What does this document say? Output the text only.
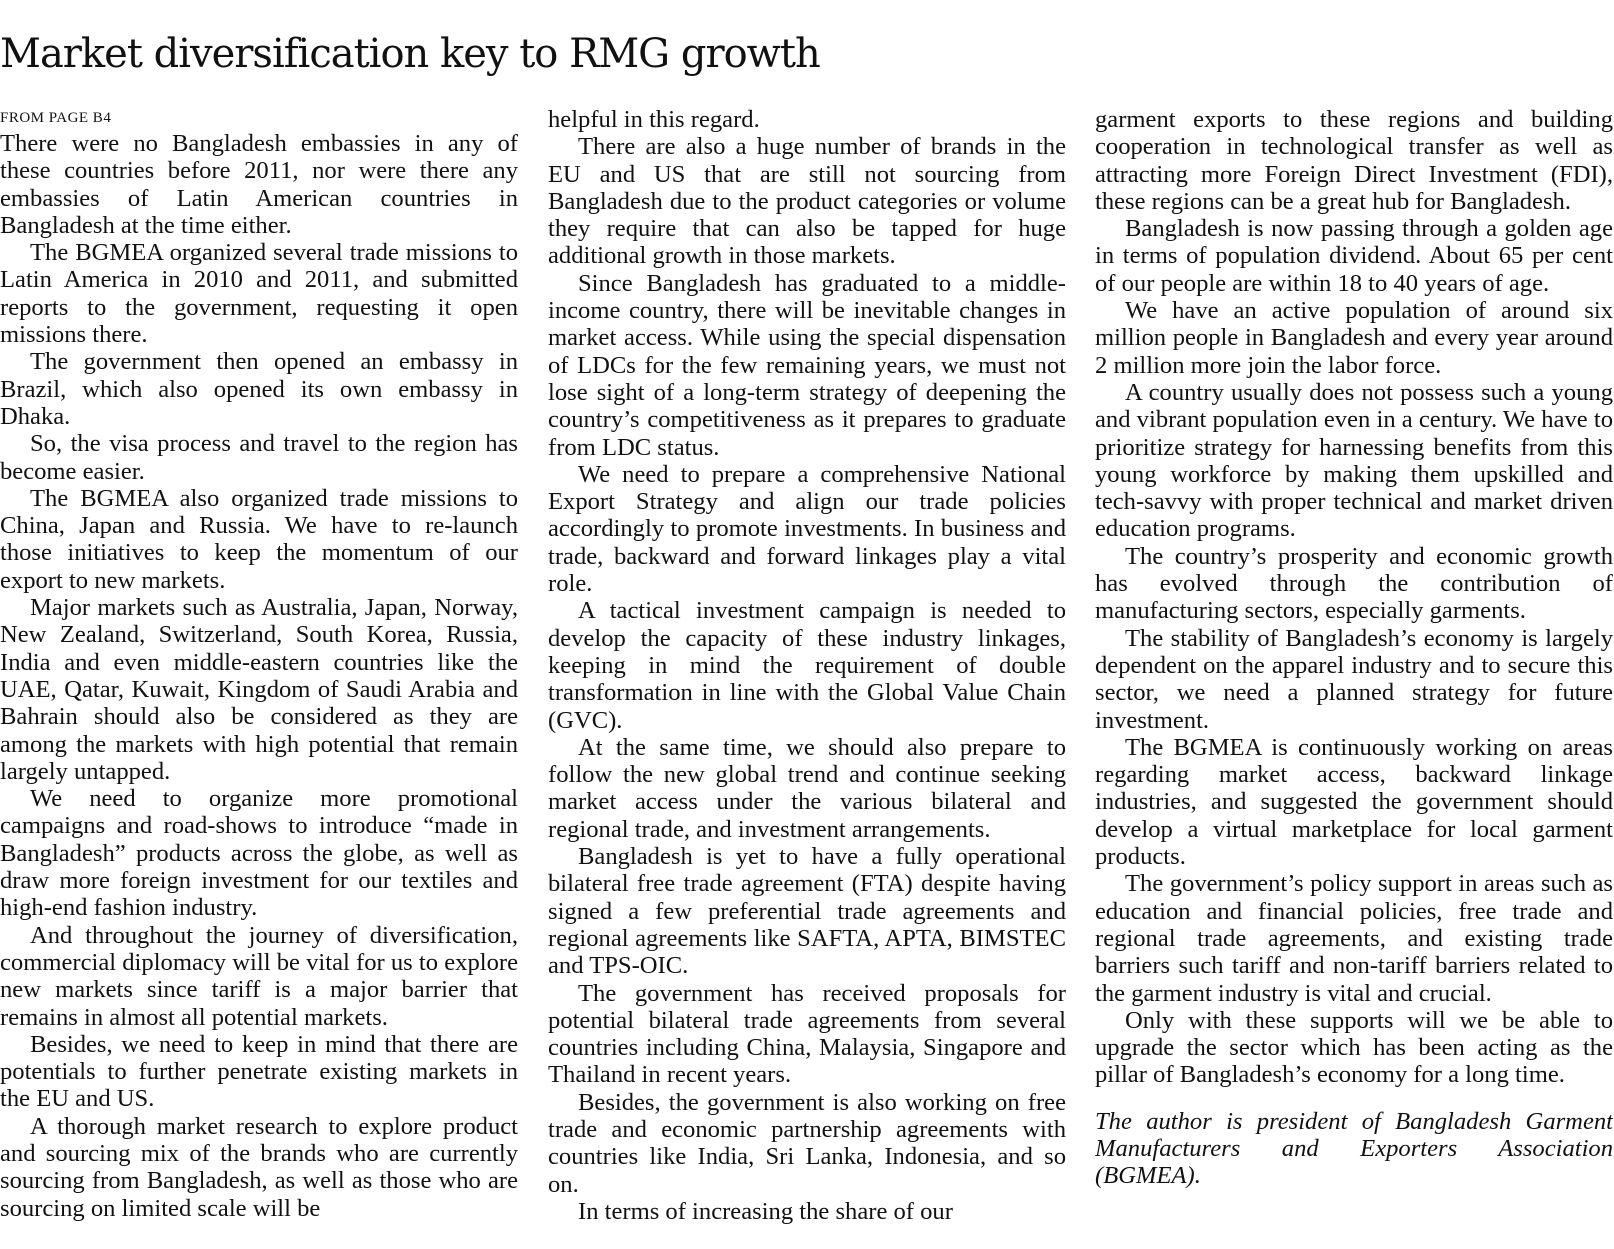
Market diversification key to RMG growth
FROM PAGE B4

There were no Bangladesh embassies in any of these countries before 2011, nor were there any embassies of Latin American countries in Bangladesh at the time either.

The BGMEA organized several trade missions to Latin America in 2010 and 2011, and submitted reports to the government, requesting it open missions there.

The government then opened an embassy in Brazil, which also opened its own embassy in Dhaka.

So, the visa process and travel to the region has become easier.

The BGMEA also organized trade missions to China, Japan and Russia. We have to re-launch those initiatives to keep the momentum of our export to new markets.

Major markets such as Australia, Japan, Norway, New Zealand, Switzerland, South Korea, Russia, India and even middle-eastern countries like the UAE, Qatar, Kuwait, Kingdom of Saudi Arabia and Bahrain should also be considered as they are among the markets with high potential that remain largely untapped.

We need to organize more promotional campaigns and road-shows to introduce “made in Bangladesh” products across the globe, as well as draw more foreign investment for our textiles and high-end fashion industry.

And throughout the journey of diversification, commercial diplomacy will be vital for us to explore new markets since tariff is a major barrier that remains in almost all potential markets.

Besides, we need to keep in mind that there are potentials to further penetrate existing markets in the EU and US.

A thorough market research to explore product and sourcing mix of the brands who are currently sourcing from Bangladesh, as well as those who are sourcing on limited scale will be

helpful in this regard.

There are also a huge number of brands in the EU and US that are still not sourcing from Bangladesh due to the product categories or volume they require that can also be tapped for huge additional growth in those markets.

Since Bangladesh has graduated to a middle-income country, there will be inevitable changes in market access. While using the special dispensation of LDCs for the few remaining years, we must not lose sight of a long-term strategy of deepening the country’s competitiveness as it prepares to graduate from LDC status.

We need to prepare a comprehensive National Export Strategy and align our trade policies accordingly to promote investments. In business and trade, backward and forward linkages play a vital role.

A tactical investment campaign is needed to develop the capacity of these industry linkages, keeping in mind the requirement of double transformation in line with the Global Value Chain (GVC).

At the same time, we should also prepare to follow the new global trend and continue seeking market access under the various bilateral and regional trade, and investment arrangements.

Bangladesh is yet to have a fully operational bilateral free trade agreement (FTA) despite having signed a few preferential trade agreements and regional agreements like SAFTA, APTA, BIMSTEC and TPS-OIC.

The government has received proposals for potential bilateral trade agreements from several countries including China, Malaysia, Singapore and Thailand in recent years.

Besides, the government is also working on free trade and economic partnership agreements with countries like India, Sri Lanka, Indonesia, and so on.

In terms of increasing the share of our

garment exports to these regions and building cooperation in technological transfer as well as attracting more Foreign Direct Investment (FDI), these regions can be a great hub for Bangladesh.

Bangladesh is now passing through a golden age in terms of population dividend. About 65 per cent of our people are within 18 to 40 years of age.

We have an active population of around six million people in Bangladesh and every year around 2 million more join the labor force.

A country usually does not possess such a young and vibrant population even in a century. We have to prioritize strategy for harnessing benefits from this young workforce by making them upskilled and tech-savvy with proper technical and market driven education programs.

The country’s prosperity and economic growth has evolved through the contribution of manufacturing sectors, especially garments.

The stability of Bangladesh’s economy is largely dependent on the apparel industry and to secure this sector, we need a planned strategy for future investment.

The BGMEA is continuously working on areas regarding market access, backward linkage industries, and suggested the government should develop a virtual marketplace for local garment products.

The government’s policy support in areas such as education and financial policies, free trade and regional trade agreements, and existing trade barriers such tariff and non-tariff barriers related to the garment industry is vital and crucial.

Only with these supports will we be able to upgrade the sector which has been acting as the pillar of Bangladesh’s economy for a long time.

The author is president of Bangladesh Garment Manufacturers and Exporters Association (BGMEA).
